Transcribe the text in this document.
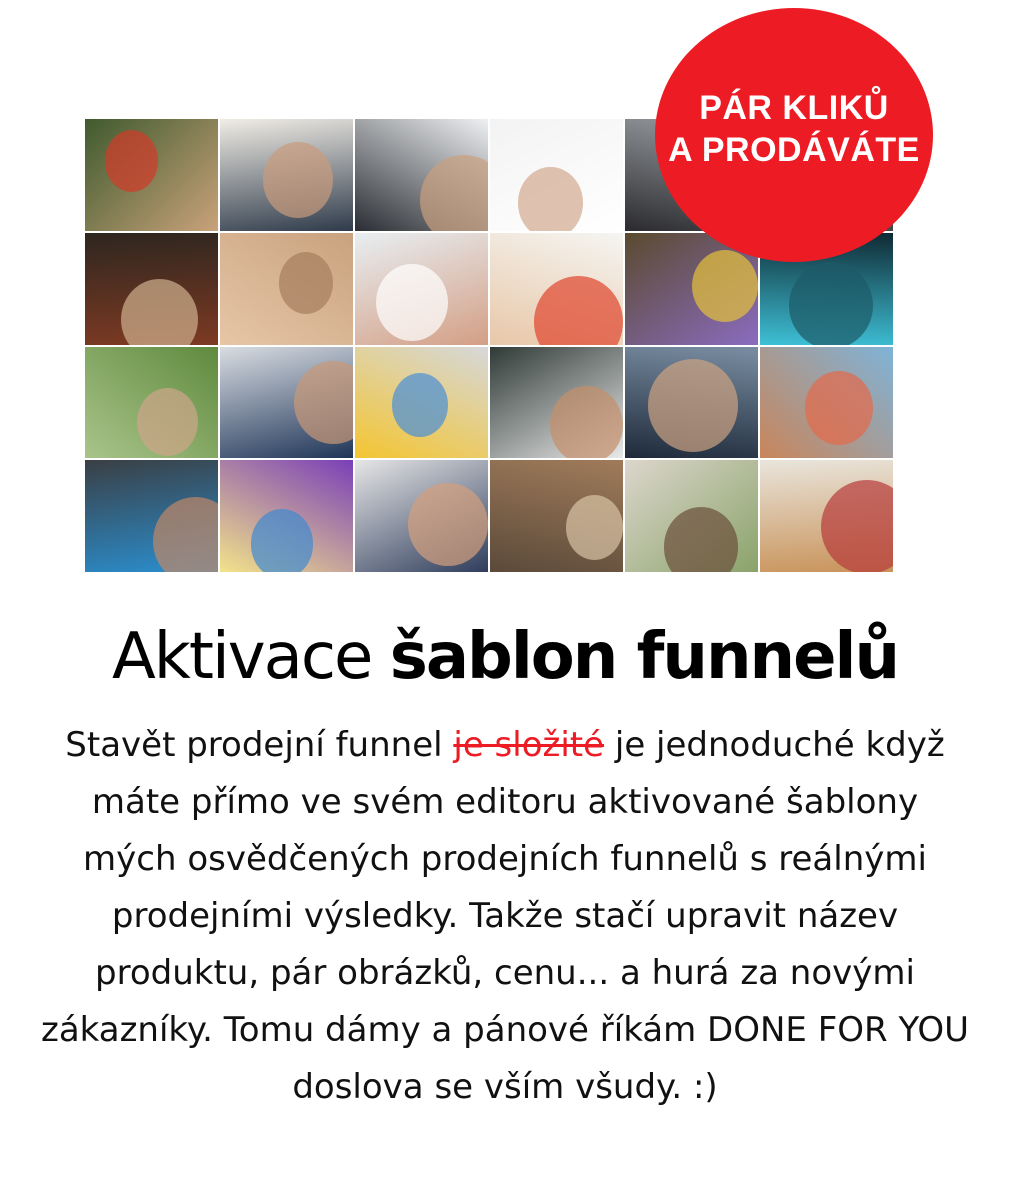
PÁR KLIKŮ
A PRODÁVÁTE
Aktivace šablon funnelů

Stavět prodejní funnel je složité je jednoduché když máte přímo ve svém editoru aktivované šablony mých osvědčených prodejních funnelů s reálnými prodejními výsledky. Takže stačí upravit název produktu, pár obrázků, cenu... a hurá za novými zákazníky. Tomu dámy a pánové říkám DONE FOR YOU doslova se vším všudy. :)
